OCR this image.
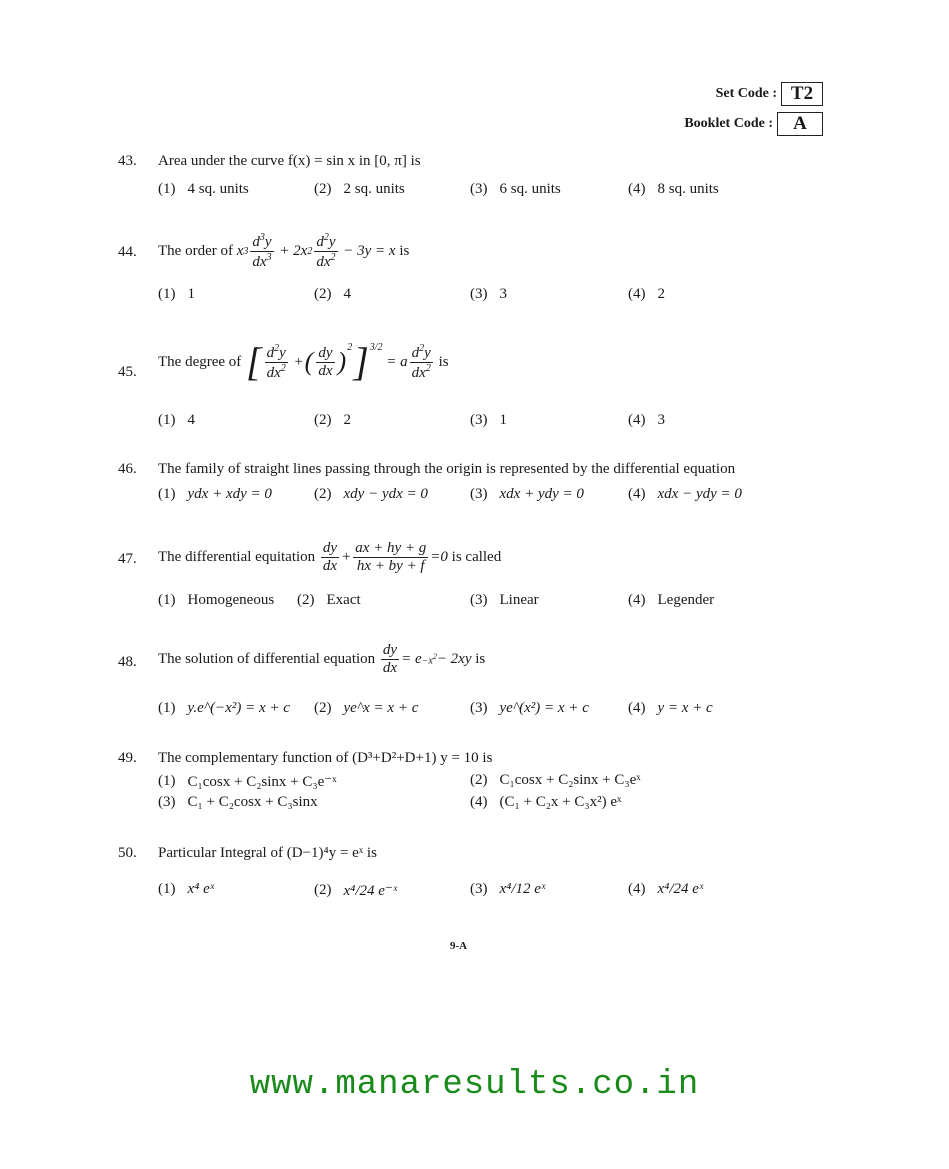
Set Code : T2
Booklet Code :	A
43.	Area under the curve f(x) = sin x in [0, π] is
(1) 4 sq. units	(2) 2 sq. units	(3) 6 sq. units	(4) 8 sq. units
44.	The order of
x $3 \frac{d^3y}{dx^3} + 2x$ $2 \frac{d^2y}{dx^2} - 3y = x$
is
(1) 1	(2) 4	(3) 3	(4) 2
45.
The degree of
[ $\frac{d^2y}{dx^2}$ + ( $\frac{dy}{dx} )^2$ ]$^{3/2}$
= a $\frac{d^2y}{dx^2}$
is
(1) 4	(2) 2	(3) 1	(4) 3
46.	The family of straight lines passing through the origin is represented by the differential equation
(1) ydx + xdy = 0	(2) xdy − ydx = 0	(3) xdx + ydy = 0	(4) xdx − ydy = 0
47.	The differential equitation
$\frac{dy}{dx} + \frac{ax + hy + g}{hx + by + f} =0$
is called
(1) Homogeneous (2) Exact	(3) Linear	(4) Legender
48.	The solution of differential equation
$\frac{dy}{dx} = e -x^2 - 2xy$
is
(1) y.e^(−x²) = x + c (2) ye^x = x + c	(3) ye^(x²) = x + c	(4) y = x + c
49.	The complementary function of (D³+D²+D+1) y = 10 is
(1) C₁cosx + C₂sinx + C₃e⁻ˣ	(2) C₁cosx + C₂sinx + C₃eˣ
(3) C₁ + C₂cosx + C₃sinx	(4) (C₁ + C₂x + C₃x²) eˣ
50.	Particular Integral of (D−1)⁴y = eˣ is
(1) x⁴ eˣ	(2) x⁴/24 e⁻ˣ	(3) x⁴/12 eˣ	(4) x⁴/24 eˣ
9-A
www.manaresults.co.in
